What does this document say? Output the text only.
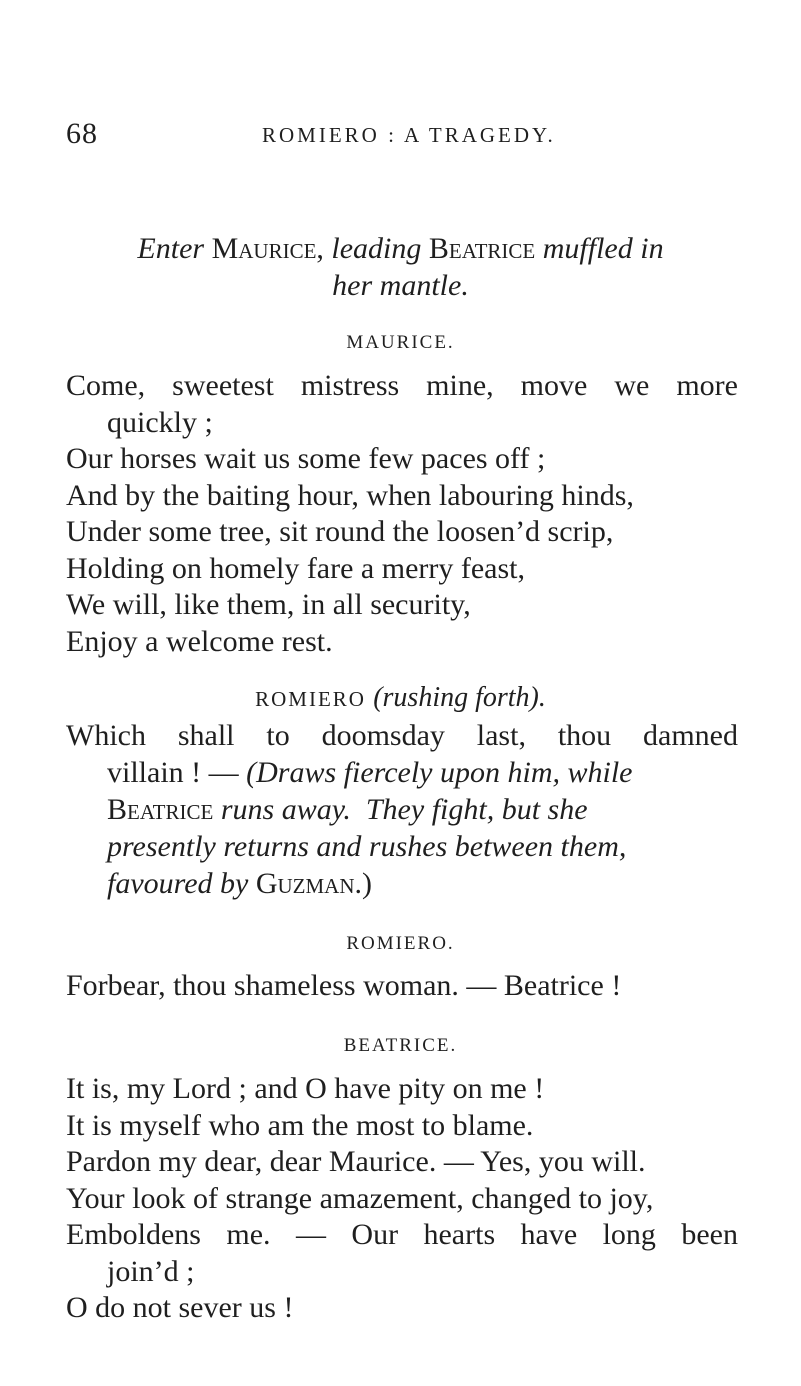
68	ROMIERO : A TRAGEDY.
Enter Maurice, leading Beatrice muffled in
her mantle.
MAURICE.
Come, sweetest mistress mine, move we more
quickly ;
Our horses wait us some few paces off ;
And by the baiting hour, when labouring hinds,
Under some tree, sit round the loosen’d scrip,
Holding on homely fare a merry feast,
We will, like them, in all security,
Enjoy a welcome rest.
ROMIERO (rushing forth).
Which shall to doomsday last, thou damned
villain ! — (Draws fiercely upon him, while
Beatrice runs away. They fight, but she
presently returns and rushes between them,
favoured by Guzman.)
ROMIERO.
Forbear, thou shameless woman. — Beatrice !
BEATRICE.
It is, my Lord ; and O have pity on me !
It is myself who am the most to blame.
Pardon my dear, dear Maurice. — Yes, you will.
Your look of strange amazement, changed to joy,
Emboldens me. — Our hearts have long been
join’d ;
O do not sever us !
